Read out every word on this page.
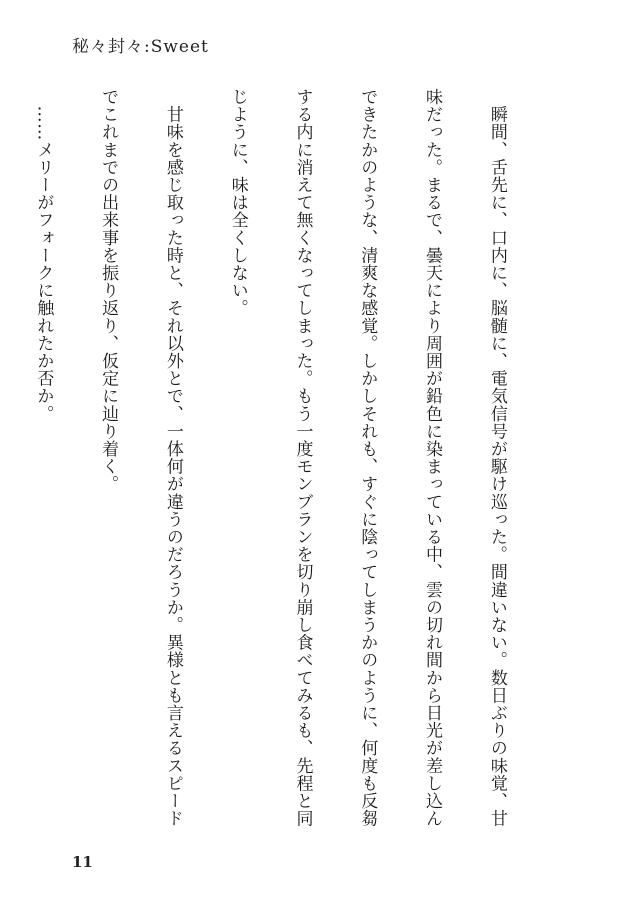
秘々封々:Sweet

　瞬間、舌先に、口内に、脳髄に、電気信号が駆け巡った。間違いない。数日ぶりの味覚、甘

味だった。まるで、曇天により周囲が鉛色に染まっている中、雲の切れ間から日光が差し込ん

できたかのような、清爽な感覚。しかしそれも、すぐに陰ってしまうかのように、何度も反芻

する内に消えて無くなってしまった。もう一度モンブランを切り崩し食べてみるも、先程と同

じように、味は全くしない。

　甘味を感じ取った時と、それ以外とで、一体何が違うのだろうか。異様とも言えるスピード

でこれまでの出来事を振り返り、仮定に辿り着く。

　……メリーがフォークに触れたか否か。

11
